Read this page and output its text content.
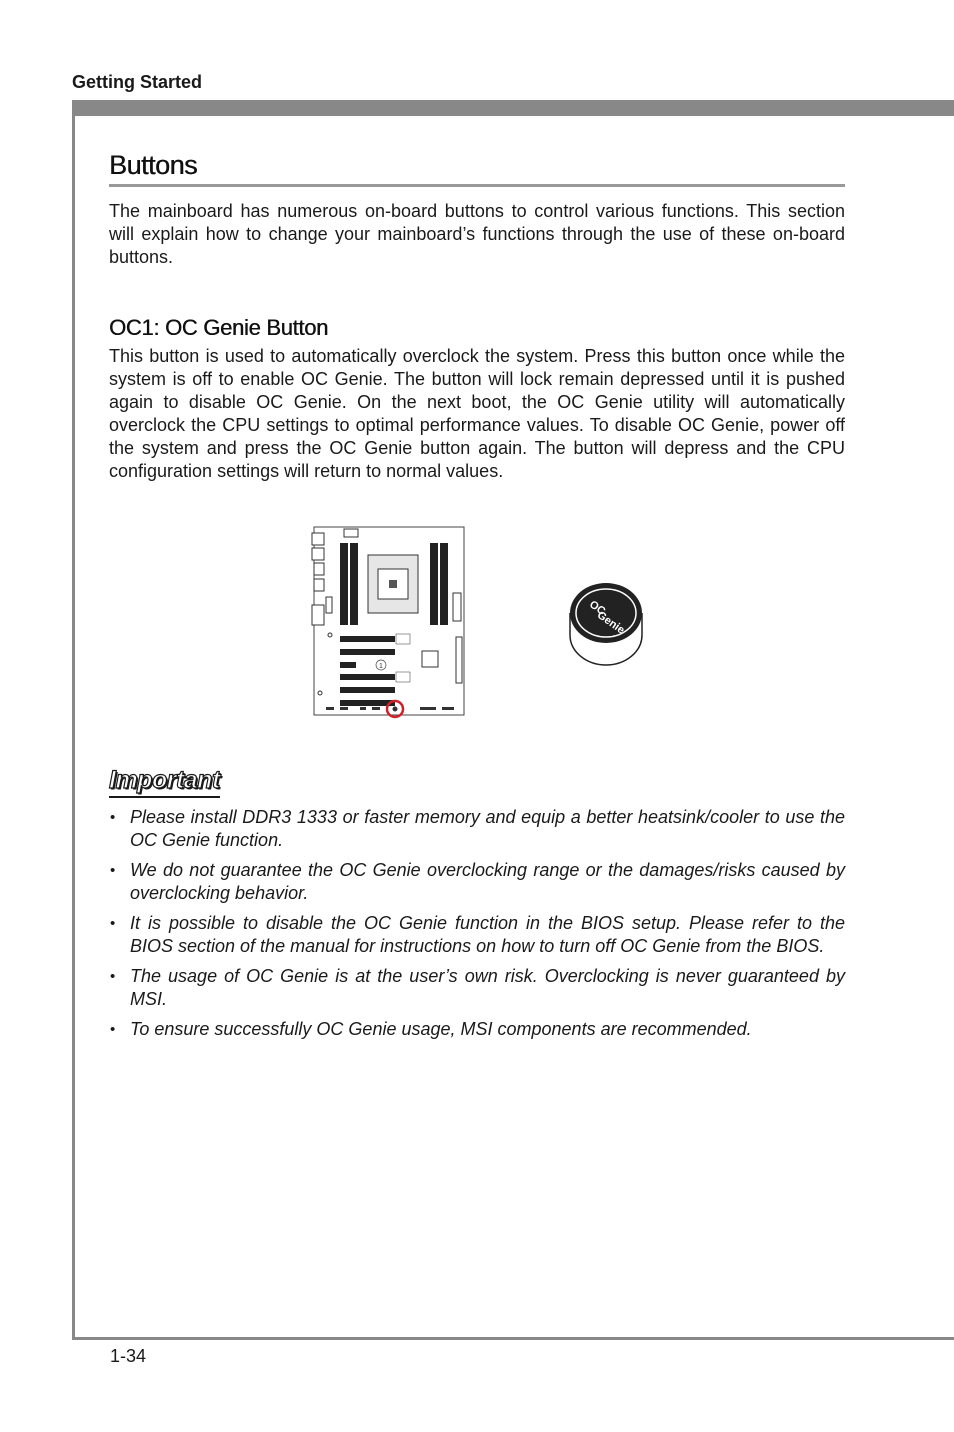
Getting Started
Buttons

The mainboard has numerous on-board buttons to control various functions. This section will explain how to change your mainboard’s functions through the use of these on-board buttons.

OC1: OC Genie Button

This button is used to automatically overclock the system. Press this button once while the system is off to enable OC Genie. The button will lock remain depressed until it is pushed again to disable OC Genie. On the next boot, the OC Genie utility will automatically overclock the CPU settings to optimal performance values. To disable OC Genie, power off the system and press the OC Genie button again. The button will depress and the CPU configuration settings will return to normal values.

1
OC
Genie
Important
• Please install DDR3 1333 or faster memory and equip a better heatsink/cooler to use the OC Genie function.
• We do not guarantee the OC Genie overclocking range or the damages/risks caused by overclocking behavior.
• It is possible to disable the OC Genie function in the BIOS setup. Please refer to the BIOS section of the manual for instructions on how to turn off OC Genie from the BIOS.
• The usage of OC Genie is at the user’s own risk. Overclocking is never guaranteed by MSI.
• To ensure successfully OC Genie usage, MSI components are recommended.
1-34
